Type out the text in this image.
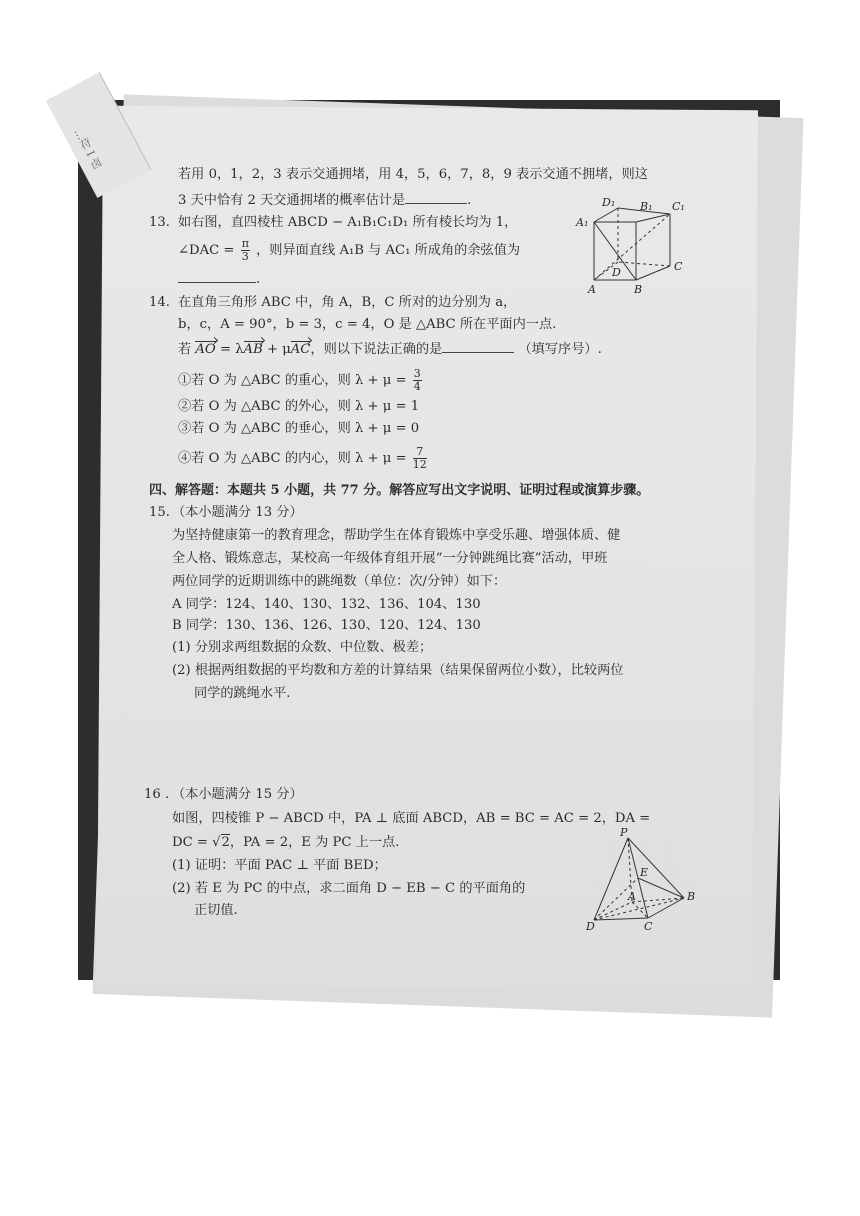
…苻 I 卤
若用 0，1，2，3 表示交通拥堵，用 4，5，6，7，8，9 表示交通不拥堵，则这
3 天中恰有 2 天交通拥堵的概率估计是	.
13. 如右图，直四棱柱 ABCD − A₁B₁C₁D₁ 所有棱长均为 1，
∠DAC = $\frac{\pi}{3}$ ，则异面直线 A₁B 与 AC₁ 所成角的余弦值为
.
D₁ B₁ C₁
A₁
D	C
A	B
14. 在直角三角形 ABC 中，角 A，B，C 所对的边分别为 a，
b，c，A = 90°，b = 3，c = 4，O 是 △ABC 所在平面内一点.
若 AO = λAB + μAC，则以下说法正确的是	（填写序号）.
①若 O 为 △ABC 的重心，则 $\lambda + \mu = \frac{3}{4}$
②若 O 为 △ABC 的外心，则 λ + μ = 1
③若 O 为 △ABC 的垂心，则 λ + μ = 0
④若 O 为 △ABC 的内心，则 $\lambda + \mu = \frac{7}{12}$
四、解答题：本题共 5 小题，共 77 分。解答应写出文字说明、证明过程或演算步骤。
15. （本小题满分 13 分）
为坚持健康第一的教育理念，帮助学生在体育锻炼中享受乐趣、增强体质、健
全人格、锻炼意志，某校高一年级体育组开展“一分钟跳绳比赛”活动，甲班
两位同学的近期训练中的跳绳数（单位：次/分钟）如下：
A 同学：124、140、130、132、136、104、130
B 同学：130、136、126、130、120、124、130
(1) 分别求两组数据的众数、中位数、极差；
(2) 根据两组数据的平均数和方差的计算结果（结果保留两位小数），比较两位
同学的跳绳水平.
16 . （本小题满分 15 分）
如图，四棱锥 P − ABCD 中，PA ⊥ 底面 ABCD，AB = BC = AC = 2，DA =
DC = √2，PA = 2，E 为 PC 上一点.
(1) 证明：平面 PAC ⊥ 平面 BED；
(2) 若 E 为 PC 的中点，求二面角 D − EB − C 的平面角的
正切值.
P
E
A	B
D	C
